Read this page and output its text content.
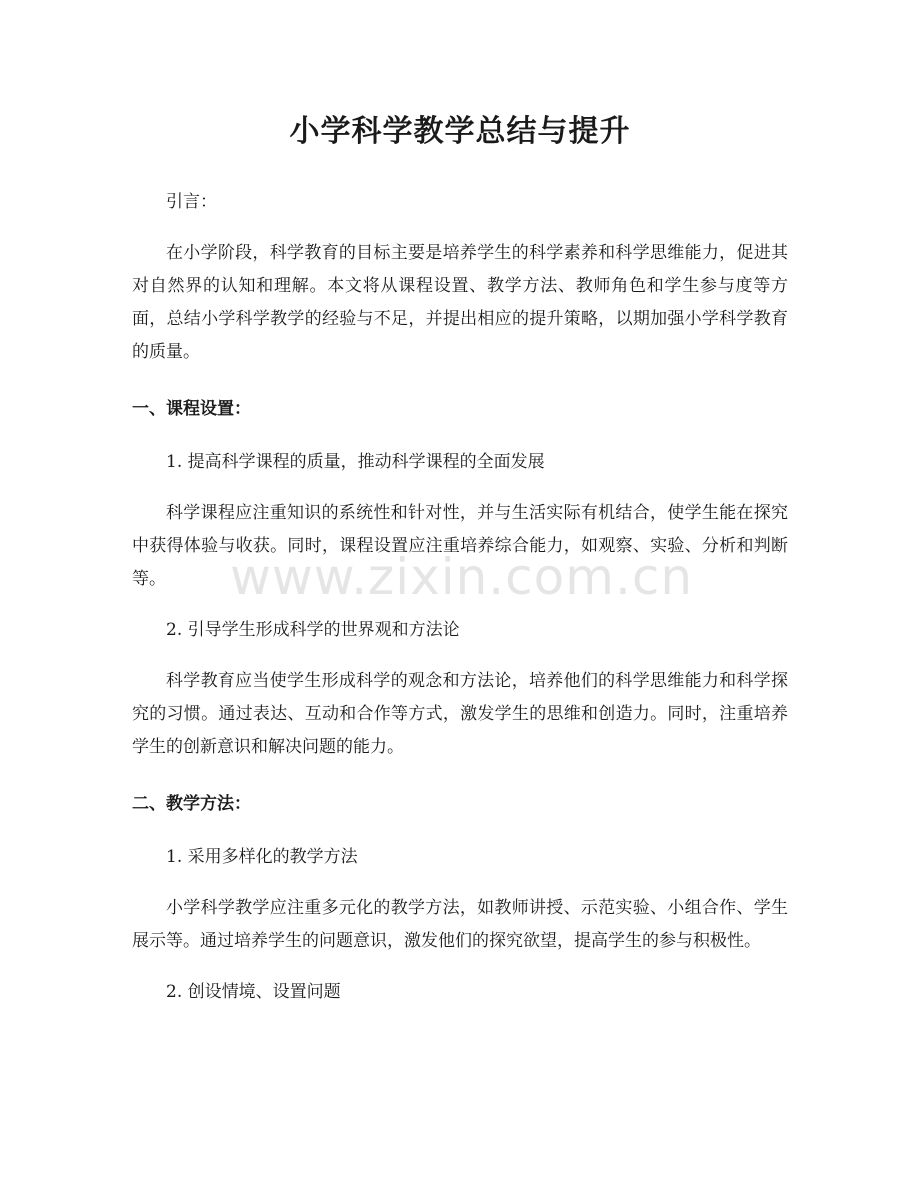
小学科学教学总结与提升
引言：
在小学阶段，科学教育的目标主要是培养学生的科学素养和科学思维能力，促进其对自然界的认知和理解。本文将从课程设置、教学方法、教师角色和学生参与度等方面，总结小学科学教学的经验与不足，并提出相应的提升策略，以期加强小学科学教育的质量。
一、课程设置：
1. 提高科学课程的质量，推动科学课程的全面发展
科学课程应注重知识的系统性和针对性，并与生活实际有机结合，使学生能在探究中获得体验与收获。同时，课程设置应注重培养综合能力，如观察、实验、分析和判断等。
2. 引导学生形成科学的世界观和方法论
科学教育应当使学生形成科学的观念和方法论，培养他们的科学思维能力和科学探究的习惯。通过表达、互动和合作等方式，激发学生的思维和创造力。同时，注重培养学生的创新意识和解决问题的能力。
二、教学方法：
1. 采用多样化的教学方法
小学科学教学应注重多元化的教学方法，如教师讲授、示范实验、小组合作、学生展示等。通过培养学生的问题意识，激发他们的探究欲望，提高学生的参与积极性。
2. 创设情境、设置问题
www.zixin.com.cn
